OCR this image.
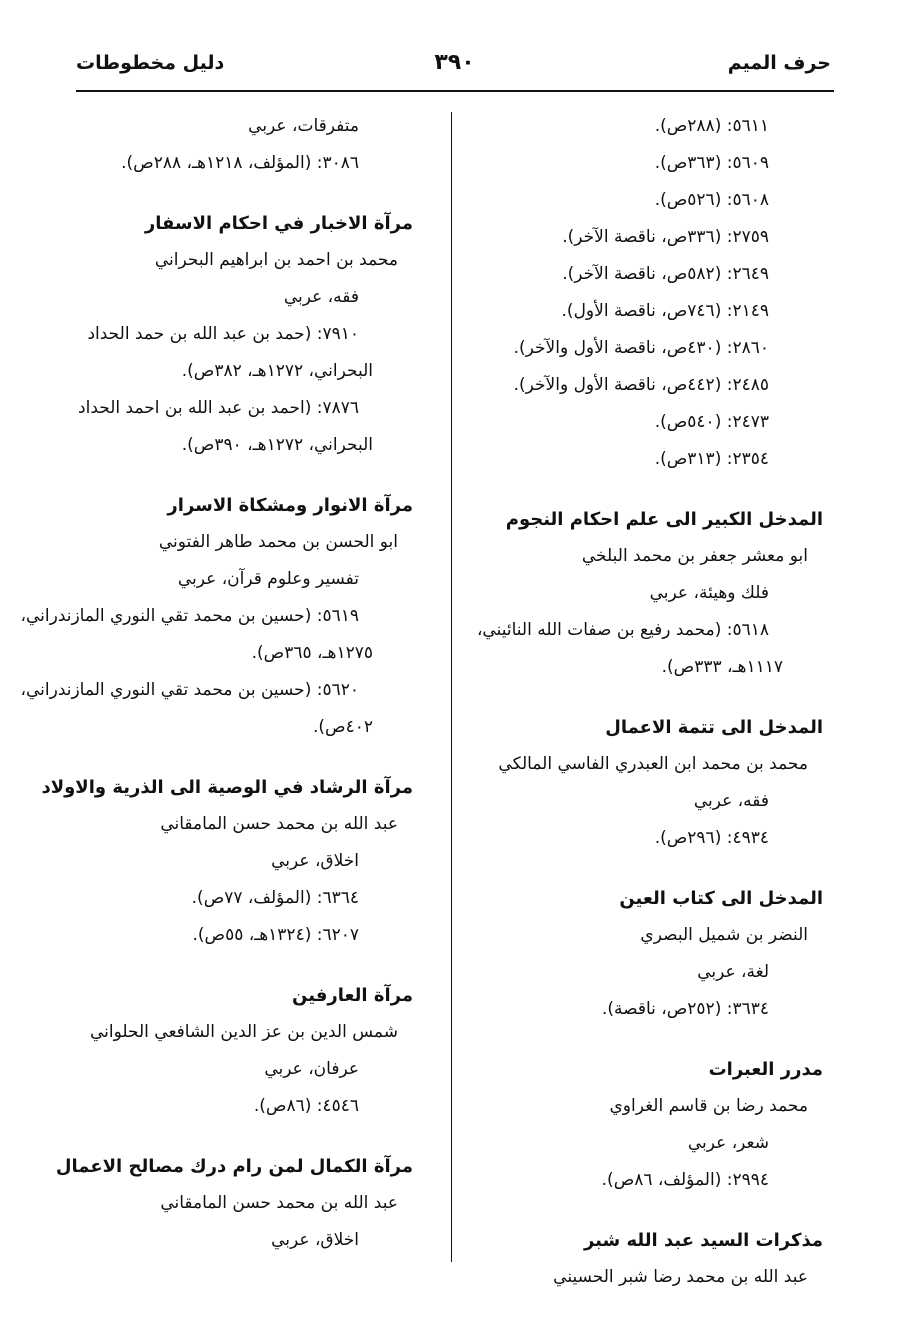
حرف الميم
٣٩٠
دليل مخطوطات
٥٦١١: (٢٨٨ص).
٥٦٠٩: (٣٦٣ص).
٥٦٠٨: (٥٢٦ص).
٢٧٥٩: (٣٣٦ص، ناقصة الآخر).
٢٦٤٩: (٥٨٢ص، ناقصة الآخر).
٢١٤٩: (٧٤٦ص، ناقصة الأول).
٢٨٦٠: (٤٣٠ص، ناقصة الأول والآخر).
٢٤٨٥: (٤٤٢ص، ناقصة الأول والآخر).
٢٤٧٣: (٥٤٠ص).
٢٣٥٤: (٣١٣ص).
المدخل الكبير الى علم احكام النجوم
ابو معشر جعفر بن محمد البلخي
فلك وهيئة، عربي
٥٦١٨: (محمد رفيع بن صفات الله النائيني،
١١١٧هـ، ٣٣٣ص).
المدخل الى تتمة الاعمال
محمد بن محمد ابن العبدري الفاسي المالكي
فقه، عربي
٤٩٣٤: (٢٩٦ص).
المدخل الى كتاب العين
النضر بن شميل البصري
لغة، عربي
٣٦٣٤: (٢٥٢ص، ناقصة).
مدرر العبرات
محمد رضا بن قاسم الغراوي
شعر، عربي
٢٩٩٤: (المؤلف، ٨٦ص).
مذكرات السيد عبد الله شبر
عبد الله بن محمد رضا شبر الحسيني
متفرقات، عربي
٣٠٨٦: (المؤلف، ١٢١٨هـ، ٢٨٨ص).
مرآة الاخبار في احكام الاسفار
محمد بن احمد بن ابراهيم البحراني
فقه، عربي
٧٩١٠: (حمد بن عبد الله بن حمد الحداد
البحراني، ١٢٧٢هـ، ٣٨٢ص).
٧٨٧٦: (احمد بن عبد الله بن احمد الحداد
البحراني، ١٢٧٢هـ، ٣٩٠ص).
مرآة الانوار ومشكاة الاسرار
ابو الحسن بن محمد طاهر الفتوني
تفسير وعلوم قرآن، عربي
٥٦١٩: (حسين بن محمد تقي النوري المازندراني،
١٢٧٥هـ، ٣٦٥ص).
٥٦٢٠: (حسين بن محمد تقي النوري المازندراني،
٤٠٢ص).
مرآة الرشاد في الوصية الى الذرية والاولاد
عبد الله بن محمد حسن المامقاني
اخلاق، عربي
٦٣٦٤: (المؤلف، ٧٧ص).
٦٢٠٧: (١٣٢٤هـ، ٥٥ص).
مرآة العارفين
شمس الدين بن عز الدين الشافعي الحلواني
عرفان، عربي
٤٥٤٦: (٨٦ص).
مرآة الكمال لمن رام درك مصالح الاعمال
عبد الله بن محمد حسن المامقاني
اخلاق، عربي
